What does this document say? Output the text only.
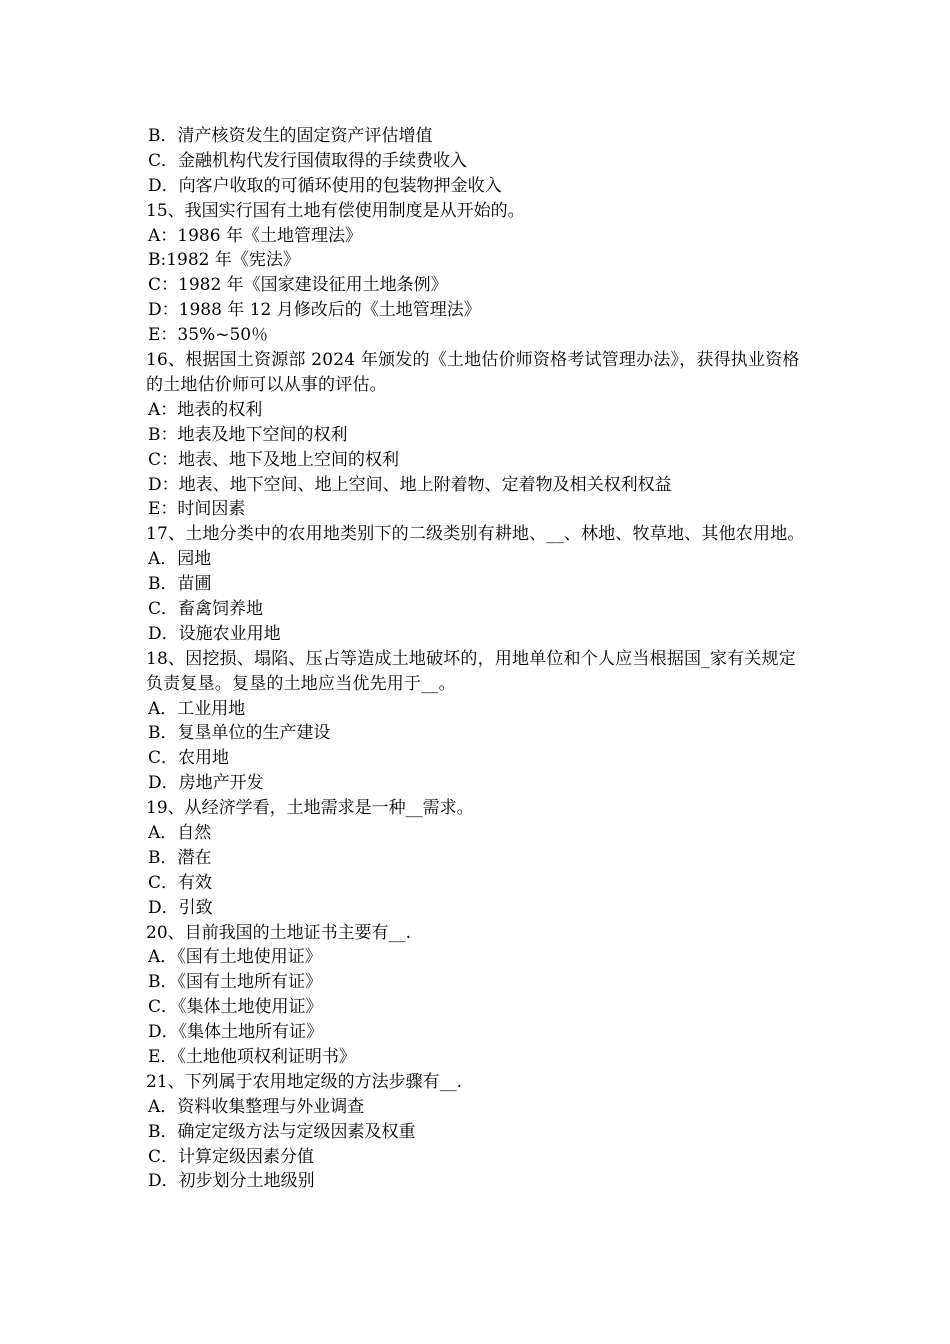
B．清产核资发生的固定资产评估增值
C．金融机构代发行国债取得的手续费收入
D．向客户收取的可循环使用的包装物押金收入
15、我国实行国有土地有偿使用制度是从开始的。
A：1986 年《土地管理法》
B:1982 年《宪法》
C：1982 年《国家建设征用土地条例》
D：1988 年 12 月修改后的《土地管理法》
E：35%~50％
16、根据国土资源部 2024 年颁发的《土地估价师资格考试管理办法》，获得执业资格的土地估价师可以从事的评估。
A：地表的权利
B：地表及地下空间的权利
C：地表、地下及地上空间的权利
D：地表、地下空间、地上空间、地上附着物、定着物及相关权利权益
E：时间因素
17、土地分类中的农用地类别下的二级类别有耕地、__、林地、牧草地、其他农用地。
A．园地
B．苗圃
C．畜禽饲养地
D．设施农业用地
18、因挖损、塌陷、压占等造成土地破坏的，用地单位和个人应当根据国_家有关规定负责复垦。复垦的土地应当优先用于__。
A．工业用地
B．复垦单位的生产建设
C．农用地
D．房地产开发
19、从经济学看，土地需求是一种__需求。
A．自然
B．潜在
C．有效
D．引致
20、目前我国的土地证书主要有__.
A．《国有土地使用证》
B．《国有土地所有证》
C．《集体土地使用证》
D．《集体土地所有证》
E．《土地他项权利证明书》
21、下列属于农用地定级的方法步骤有__.
A．资料收集整理与外业调查
B．确定定级方法与定级因素及权重
C．计算定级因素分值
D．初步划分土地级别
